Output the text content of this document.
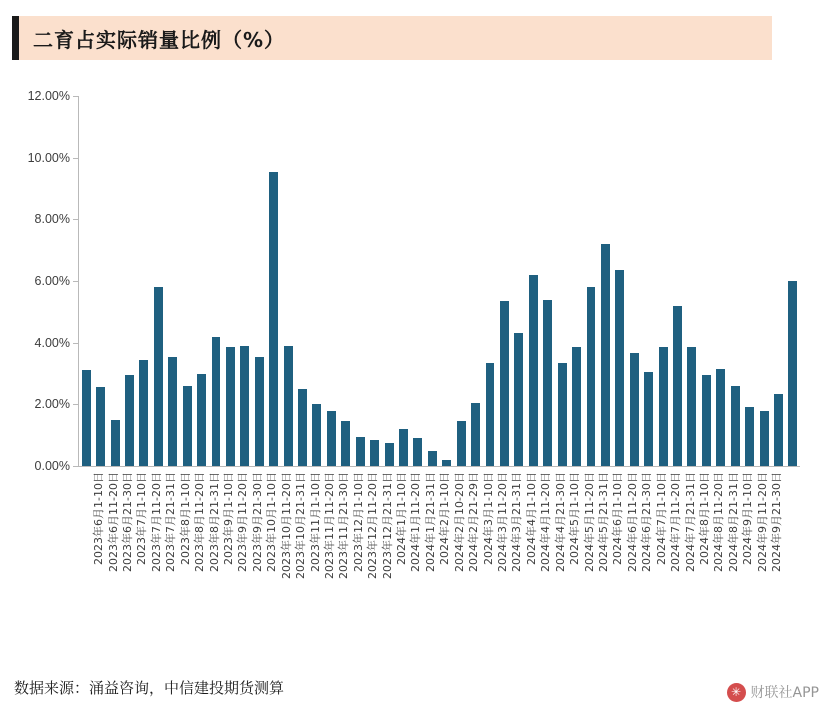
二育占实际销量比例（%）
12.00%
10.00%
8.00%
6.00%
4.00%
2.00%
0.00%
2023年6月1-10日 2023年6月11-20日 2023年6月21-30日 2023年7月1-10日 2023年7月11-20日 2023年7月21-31日 2023年8月1-10日 2023年8月11-20日 2023年8月21-31日 2023年9月1-10日 2023年9月11-20日 2023年9月21-30日 2023年10月1-10日 2023年10月11-20日 2023年10月21-31日 2023年11月1-10日 2023年11月11-20日 2023年11月21-30日 2023年12月1-10日 2023年12月11-20日 2023年12月21-31日 2024年1月1-10日 2024年1月11-20日 2024年1月21-31日 2024年2月1-10日 2024年2月10-20日 2024年2月21-29日 2024年3月1-10日 2024年3月11-20日 2024年3月21-31日 2024年4月1-10日 2024年4月11-20日 2024年4月21-30日 2024年5月1-10日 2024年5月11-20日 2024年5月21-31日 2024年6月1-10日 2024年6月11-20日 2024年6月21-30日 2024年7月1-10日 2024年7月11-20日 2024年7月21-31日 2024年8月1-10日 2024年8月11-20日 2024年8月21-31日 2024年9月1-10日 2024年9月11-20日 2024年9月21-30日
数据来源：涌益咨询，中信建投期货测算	✳ 财联社APP
